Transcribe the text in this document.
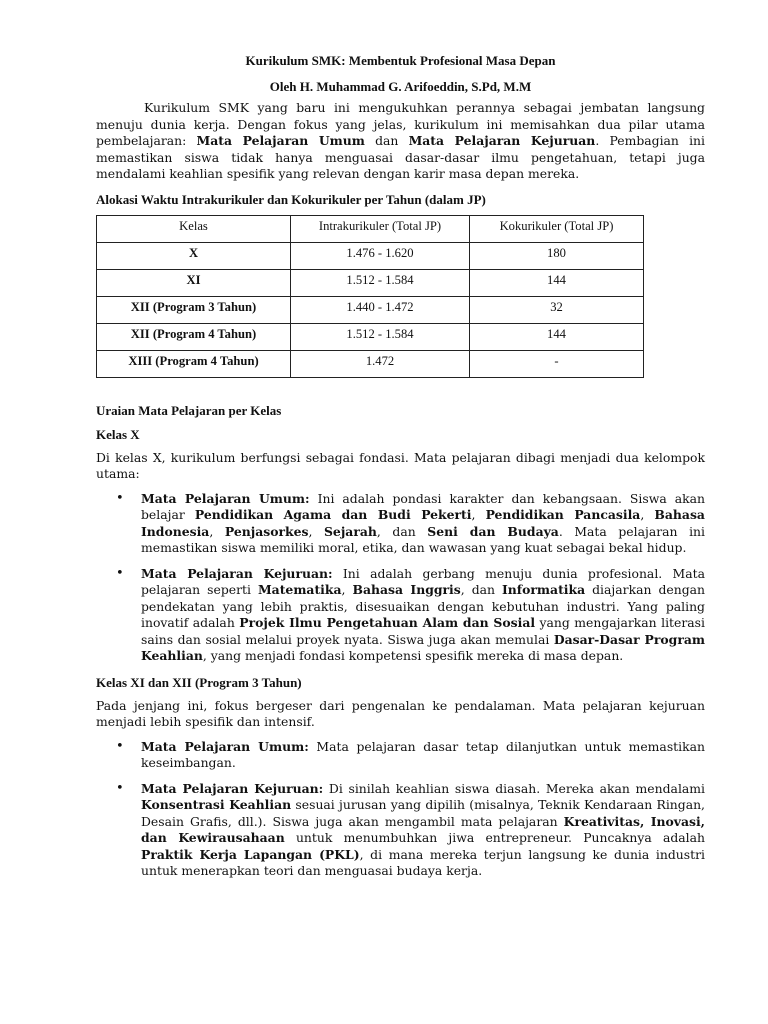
Kurikulum SMK: Membentuk Profesional Masa Depan
Oleh H. Muhammad G. Arifoeddin, S.Pd, M.M

Kurikulum SMK yang baru ini mengukuhkan perannya sebagai jembatan langsung menuju dunia kerja. Dengan fokus yang jelas, kurikulum ini memisahkan dua pilar utama pembelajaran: Mata Pelajaran Umum dan Mata Pelajaran Kejuruan. Pembagian ini memastikan siswa tidak hanya menguasai dasar-dasar ilmu pengetahuan, tetapi juga mendalami keahlian spesifik yang relevan dengan karir masa depan mereka.

Alokasi Waktu Intrakurikuler dan Kokurikuler per Tahun (dalam JP)
Kelas	Intrakurikuler (Total JP)	Kokurikuler (Total JP)
X	1.476 - 1.620	180
XI	1.512 - 1.584	144
XII (Program 3 Tahun)	1.440 - 1.472	32
XII (Program 4 Tahun)	1.512 - 1.584	144
XIII (Program 4 Tahun)	1.472	-
Uraian Mata Pelajaran per Kelas
Kelas X

Di kelas X, kurikulum berfungsi sebagai fondasi. Mata pelajaran dibagi menjadi dua kelompok utama:

• Mata Pelajaran Umum: Ini adalah pondasi karakter dan kebangsaan. Siswa akan belajar Pendidikan Agama dan Budi Pekerti, Pendidikan Pancasila, Bahasa Indonesia, Penjasorkes, Sejarah, dan Seni dan Budaya. Mata pelajaran ini memastikan siswa memiliki moral, etika, dan wawasan yang kuat sebagai bekal hidup.
• Mata Pelajaran Kejuruan: Ini adalah gerbang menuju dunia profesional. Mata pelajaran seperti Matematika, Bahasa Inggris, dan Informatika diajarkan dengan pendekatan yang lebih praktis, disesuaikan dengan kebutuhan industri. Yang paling inovatif adalah Projek Ilmu Pengetahuan Alam dan Sosial yang mengajarkan literasi sains dan sosial melalui proyek nyata. Siswa juga akan memulai Dasar-Dasar Program Keahlian, yang menjadi fondasi kompetensi spesifik mereka di masa depan.
Kelas XI dan XII (Program 3 Tahun)

Pada jenjang ini, fokus bergeser dari pengenalan ke pendalaman. Mata pelajaran kejuruan menjadi lebih spesifik dan intensif.

• Mata Pelajaran Umum: Mata pelajaran dasar tetap dilanjutkan untuk memastikan keseimbangan.
• Mata Pelajaran Kejuruan: Di sinilah keahlian siswa diasah. Mereka akan mendalami Konsentrasi Keahlian sesuai jurusan yang dipilih (misalnya, Teknik Kendaraan Ringan, Desain Grafis, dll.). Siswa juga akan mengambil mata pelajaran Kreativitas, Inovasi, dan Kewirausahaan untuk menumbuhkan jiwa entrepreneur. Puncaknya adalah Praktik Kerja Lapangan (PKL), di mana mereka terjun langsung ke dunia industri untuk menerapkan teori dan menguasai budaya kerja.
